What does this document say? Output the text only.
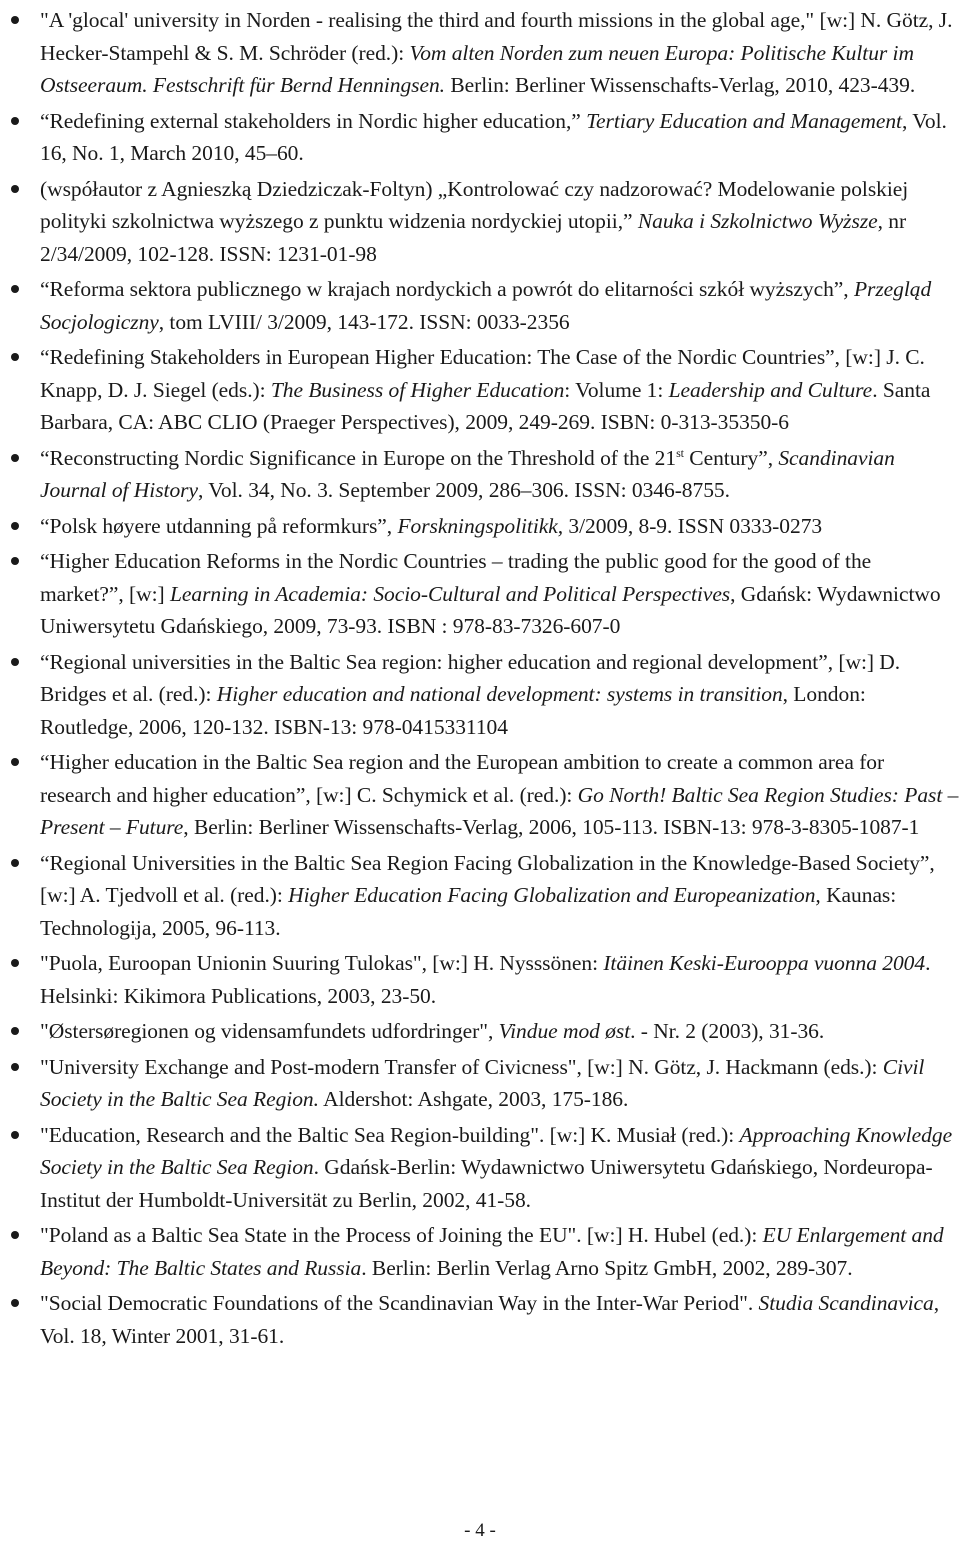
"A 'glocal' university in Norden - realising the third and fourth missions in the global age," [w:] N. Götz, J. Hecker-Stampehl & S. M. Schröder (red.): Vom alten Norden zum neuen Europa: Politische Kultur im Ostseeraum. Festschrift für Bernd Henningsen. Berlin: Berliner Wissenschafts-Verlag, 2010, 423-439.
“Redefining external stakeholders in Nordic higher education,” Tertiary Education and Management, Vol. 16, No. 1, March 2010, 45–60.
(współautor z Agnieszką Dziedziczak-Foltyn) „Kontrolować czy nadzorować? Modelowanie polskiej polityki szkolnictwa wyższego z punktu widzenia nordyckiej utopii,” Nauka i Szkolnictwo Wyższe, nr 2/34/2009, 102-128. ISSN: 1231-01-98
“Reforma sektora publicznego w krajach nordyckich a powrót do elitarności szkół wyższych”, Przegląd Socjologiczny, tom LVIII/ 3/2009, 143-172. ISSN: 0033-2356
“Redefining Stakeholders in European Higher Education: The Case of the Nordic Countries”, [w:] J. C. Knapp, D. J. Siegel (eds.): The Business of Higher Education: Volume 1: Leadership and Culture. Santa Barbara, CA: ABC CLIO (Praeger Perspectives), 2009, 249-269. ISBN: 0-313-35350-6
“Reconstructing Nordic Significance in Europe on the Threshold of the 21st Century”, Scandinavian Journal of History, Vol. 34, No. 3. September 2009, 286–306. ISSN: 0346-8755.
“Polsk høyere utdanning på reformkurs”, Forskningspolitikk, 3/2009, 8-9. ISSN 0333-0273
“Higher Education Reforms in the Nordic Countries – trading the public good for the good of the market?”, [w:] Learning in Academia: Socio-Cultural and Political Perspectives, Gdańsk: Wydawnictwo Uniwersytetu Gdańskiego, 2009, 73-93. ISBN : 978-83-7326-607-0
“Regional universities in the Baltic Sea region: higher education and regional development”, [w:] D. Bridges et al. (red.): Higher education and national development: systems in transition, London: Routledge, 2006, 120-132. ISBN-13: 978-0415331104
“Higher education in the Baltic Sea region and the European ambition to create a common area for research and higher education”, [w:] C. Schymick et al. (red.): Go North! Baltic Sea Region Studies: Past – Present – Future, Berlin: Berliner Wissenschafts-Verlag, 2006, 105-113. ISBN-13: 978-3-8305-1087-1
“Regional Universities in the Baltic Sea Region Facing Globalization in the Knowledge-Based Society”, [w:] A. Tjedvoll et al. (red.): Higher Education Facing Globalization and Europeanization, Kaunas: Technologija, 2005, 96-113.
"Puola, Euroopan Unionin Suuring Tulokas", [w:] H. Nysssönen: Itäinen Keski-Eurooppa vuonna 2004. Helsinki: Kikimora Publications, 2003, 23-50.
"Østersøregionen og vidensamfundets udfordringer", Vindue mod øst. - Nr. 2 (2003), 31-36.
"University Exchange and Post-modern Transfer of Civicness", [w:] N. Götz, J. Hackmann (eds.): Civil Society in the Baltic Sea Region. Aldershot: Ashgate, 2003, 175-186.
"Education, Research and the Baltic Sea Region-building". [w:] K. Musiał (red.): Approaching Knowledge Society in the Baltic Sea Region. Gdańsk-Berlin: Wydawnictwo Uniwersytetu Gdańskiego, Nordeuropa-Institut der Humboldt-Universität zu Berlin, 2002, 41-58.
"Poland as a Baltic Sea State in the Process of Joining the EU". [w:] H. Hubel (ed.): EU Enlargement and Beyond: The Baltic States and Russia. Berlin: Berlin Verlag Arno Spitz GmbH, 2002, 289-307.
"Social Democratic Foundations of the Scandinavian Way in the Inter-War Period". Studia Scandinavica, Vol. 18, Winter 2001, 31-61.
- 4 -
